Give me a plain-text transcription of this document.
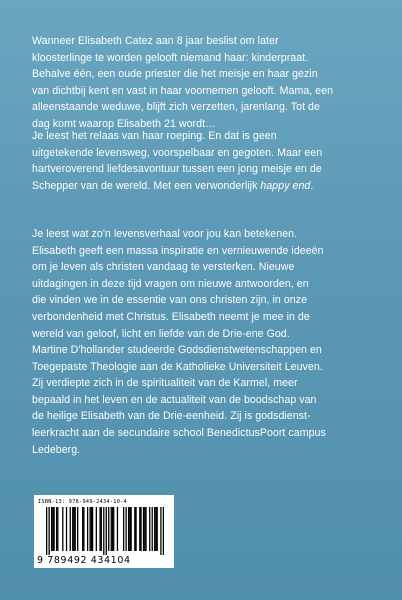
Wanneer Elisabeth Catez aan 8 jaar beslist om later

kloosterlinge te worden gelooft niemand haar: kinderpraat.

Behalve één, een oude priester die het meisje en haar gezin

van dichtbij kent en vast in haar voornemen gelooft. Mama, een

alleenstaande weduwe, blijft zich verzetten, jarenlang. Tot de

dag komt waarop Elisabeth 21 wordt…

Je leest het relaas van haar roeping. En dat is geen

uitgetekende levensweg, voorspelbaar en gegoten. Maar een

hartveroverend liefdesavontuur tussen een jong meisje en de

Schepper van de wereld. Met een verwonderlijk happy end.

Je leest wat zo'n levensverhaal voor jou kan betekenen.

Elisabeth geeft een massa inspiratie en vernieuwende ideeën

om je leven als christen vandaag te versterken. Nieuwe

uitdagingen in deze tijd vragen om nieuwe antwoorden, en

die vinden we in de essentie van ons christen zijn, in onze

verbondenheid met Christus. Elisabeth neemt je mee in de

wereld van geloof, licht en liefde van de Drie-ene God.

Martine D'hollander studeerde Godsdienstwetenschappen en

Toegepaste Theologie aan de Katholieke Universiteit Leuven.

Zij verdiepte zich in de spiritualiteit van de Karmel, meer

bepaald in het leven en de actualiteit van de boodschap van

de heilige Elisabeth van de Drie-eenheid. Zij is godsdienst-

leerkracht aan de secundaire school BenedictusPoort campus

Ledeberg.

ISBN-13: 978-949-2434-10-4
9 789492 434104
